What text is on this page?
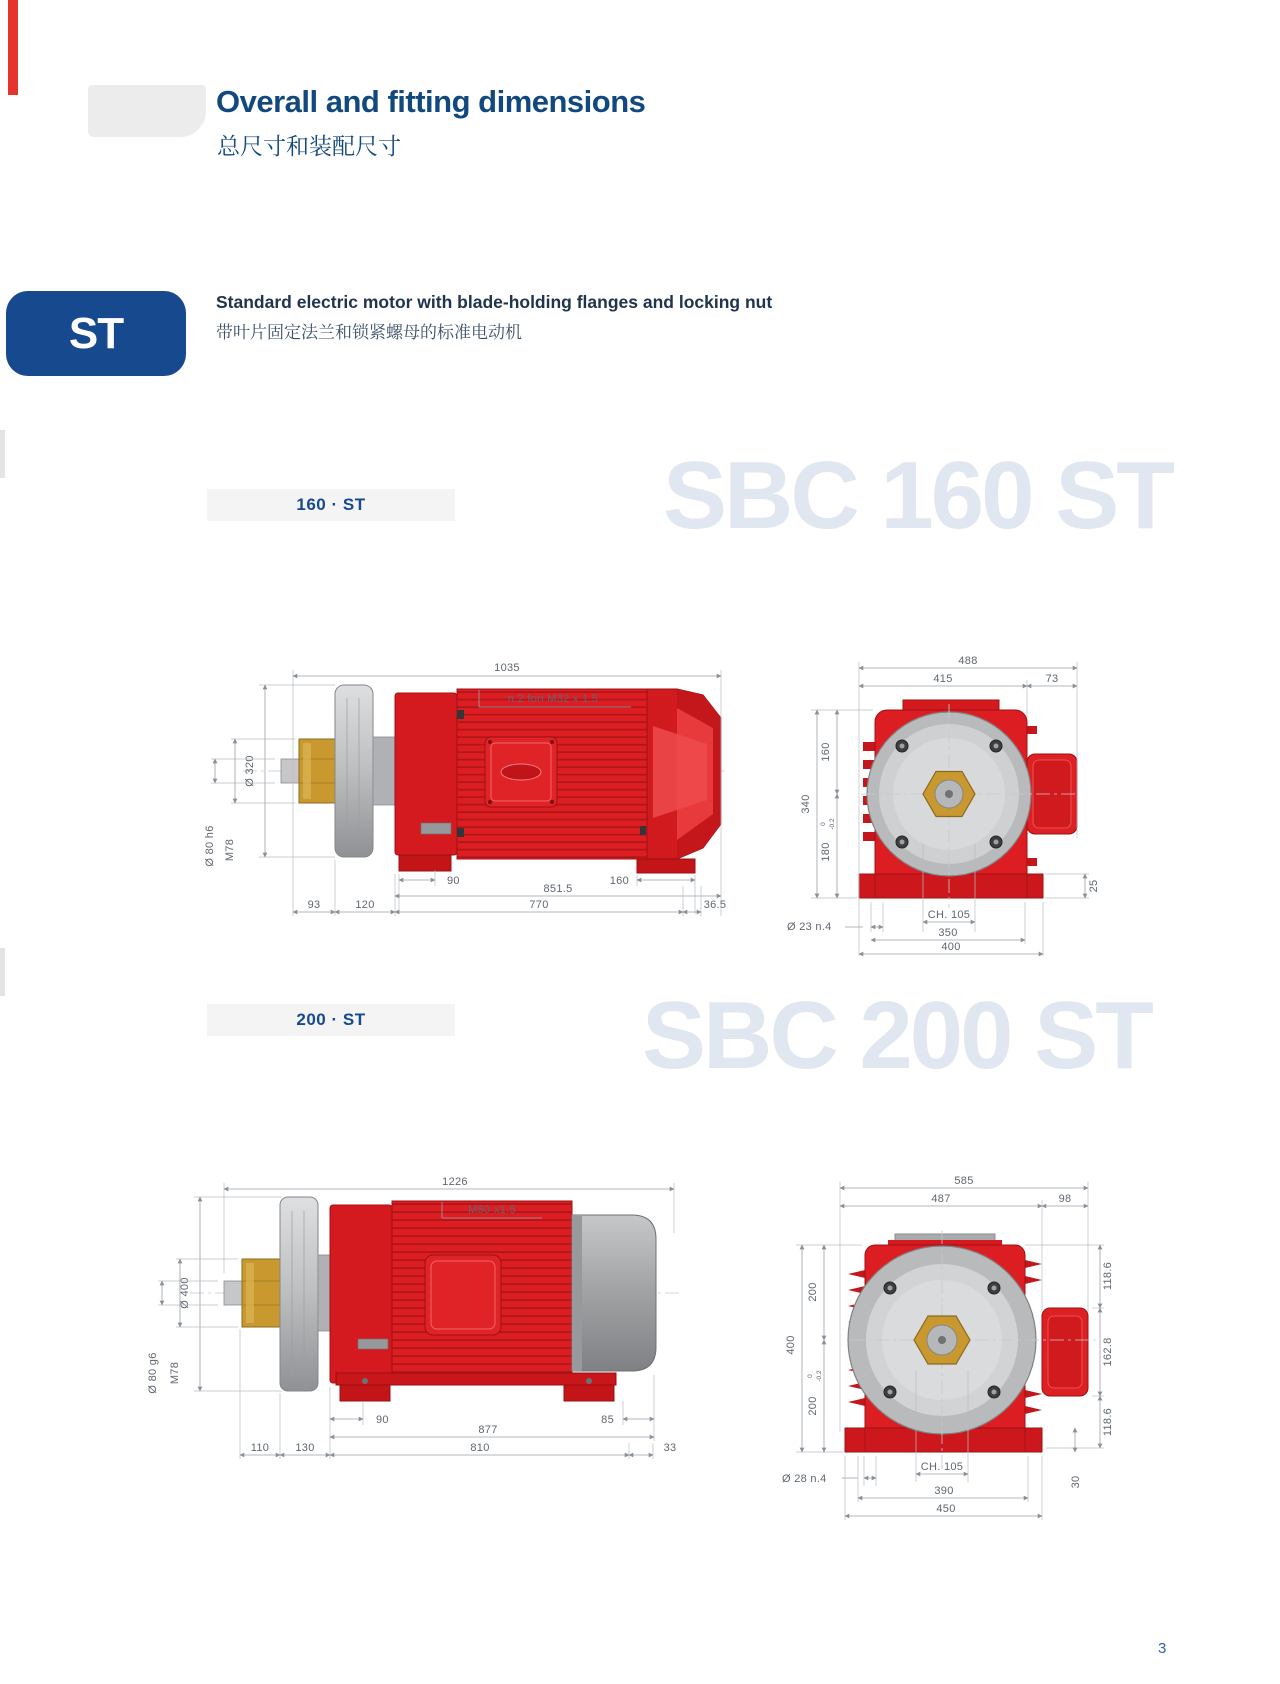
Overall and fitting dimensions
总尺寸和装配尺寸
ST
Standard electric motor with blade-holding flanges and locking nut
带叶片固定法兰和锁紧螺母的标准电动机
160 · ST	SBC 160 ST
1035
n.2 fori M32 x 1.5
Ø 320
Ø 80 h6 M78
90	160
851.5
93	120	770	36.5
488
415	73
340
160
180
0 -0.2
Ø 23 n.4
CH. 105
350
400
25
200 · ST	SBC 200 ST
1226
M50 x1.5
Ø 400
Ø 80 g6 M78
90	85
877
110 130	810	33
585
487	98
400
200
200
0 -0.2
118.6
162.8
118.6
30
Ø 28 n.4
CH. 105
390
450
3
